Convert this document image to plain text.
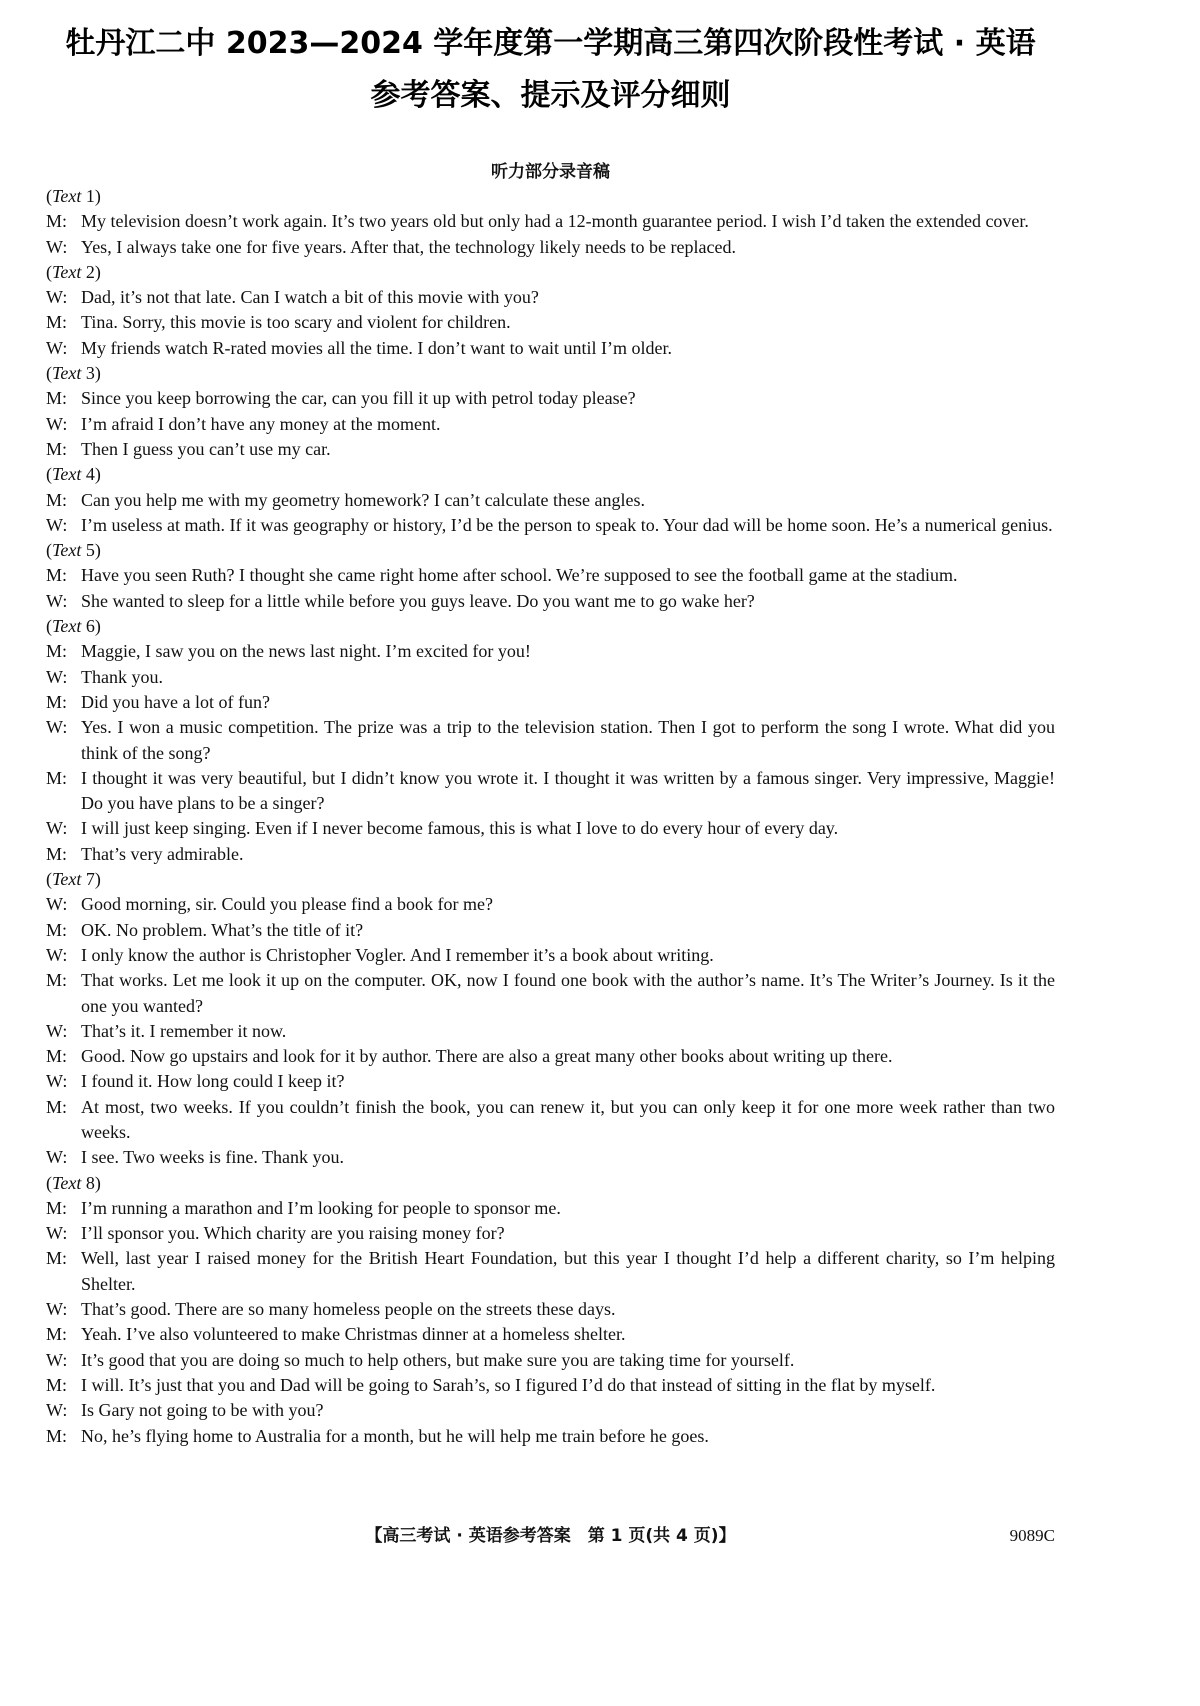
牡丹江二中 2023—2024 学年度第一学期高三第四次阶段性考试 · 英语
参考答案、提示及评分细则
听力部分录音稿
(Text 1)
M: My television doesn’t work again. It’s two years old but only had a 12-month guarantee period. I wish I’d taken the extended cover.
W: Yes, I always take one for five years. After that, the technology likely needs to be replaced.
(Text 2)
W: Dad, it’s not that late. Can I watch a bit of this movie with you?
M: Tina. Sorry, this movie is too scary and violent for children.
W: My friends watch R-rated movies all the time. I don’t want to wait until I’m older.
(Text 3)
M: Since you keep borrowing the car, can you fill it up with petrol today please?
W: I’m afraid I don’t have any money at the moment.
M: Then I guess you can’t use my car.
(Text 4)
M: Can you help me with my geometry homework? I can’t calculate these angles.
W: I’m useless at math. If it was geography or history, I’d be the person to speak to. Your dad will be home soon. He’s a numerical genius.
(Text 5)
M: Have you seen Ruth? I thought she came right home after school. We’re supposed to see the football game at the stadium.
W: She wanted to sleep for a little while before you guys leave. Do you want me to go wake her?
(Text 6)
M: Maggie, I saw you on the news last night. I’m excited for you!
W: Thank you.
M: Did you have a lot of fun?
W: Yes. I won a music competition. The prize was a trip to the television station. Then I got to perform the song I wrote. What did you think of the song?
M: I thought it was very beautiful, but I didn’t know you wrote it. I thought it was written by a famous singer. Very impressive, Maggie! Do you have plans to be a singer?
W: I will just keep singing. Even if I never become famous, this is what I love to do every hour of every day.
M: That’s very admirable.
(Text 7)
W: Good morning, sir. Could you please find a book for me?
M: OK. No problem. What’s the title of it?
W: I only know the author is Christopher Vogler. And I remember it’s a book about writing.
M: That works. Let me look it up on the computer. OK, now I found one book with the author’s name. It’s The Writer’s Journey. Is it the one you wanted?
W: That’s it. I remember it now.
M: Good. Now go upstairs and look for it by author. There are also a great many other books about writing up there.
W: I found it. How long could I keep it?
M: At most, two weeks. If you couldn’t finish the book, you can renew it, but you can only keep it for one more week rather than two weeks.
W: I see. Two weeks is fine. Thank you.
(Text 8)
M: I’m running a marathon and I’m looking for people to sponsor me.
W: I’ll sponsor you. Which charity are you raising money for?
M: Well, last year I raised money for the British Heart Foundation, but this year I thought I’d help a different charity, so I’m helping Shelter.
W: That’s good. There are so many homeless people on the streets these days.
M: Yeah. I’ve also volunteered to make Christmas dinner at a homeless shelter.
W: It’s good that you are doing so much to help others, but make sure you are taking time for yourself.
M: I will. It’s just that you and Dad will be going to Sarah’s, so I figured I’d do that instead of sitting in the flat by myself.
W: Is Gary not going to be with you?
M: No, he’s flying home to Australia for a month, but he will help me train before he goes.
【高三考试 · 英语参考答案　第 1 页(共 4 页)】	9089C
